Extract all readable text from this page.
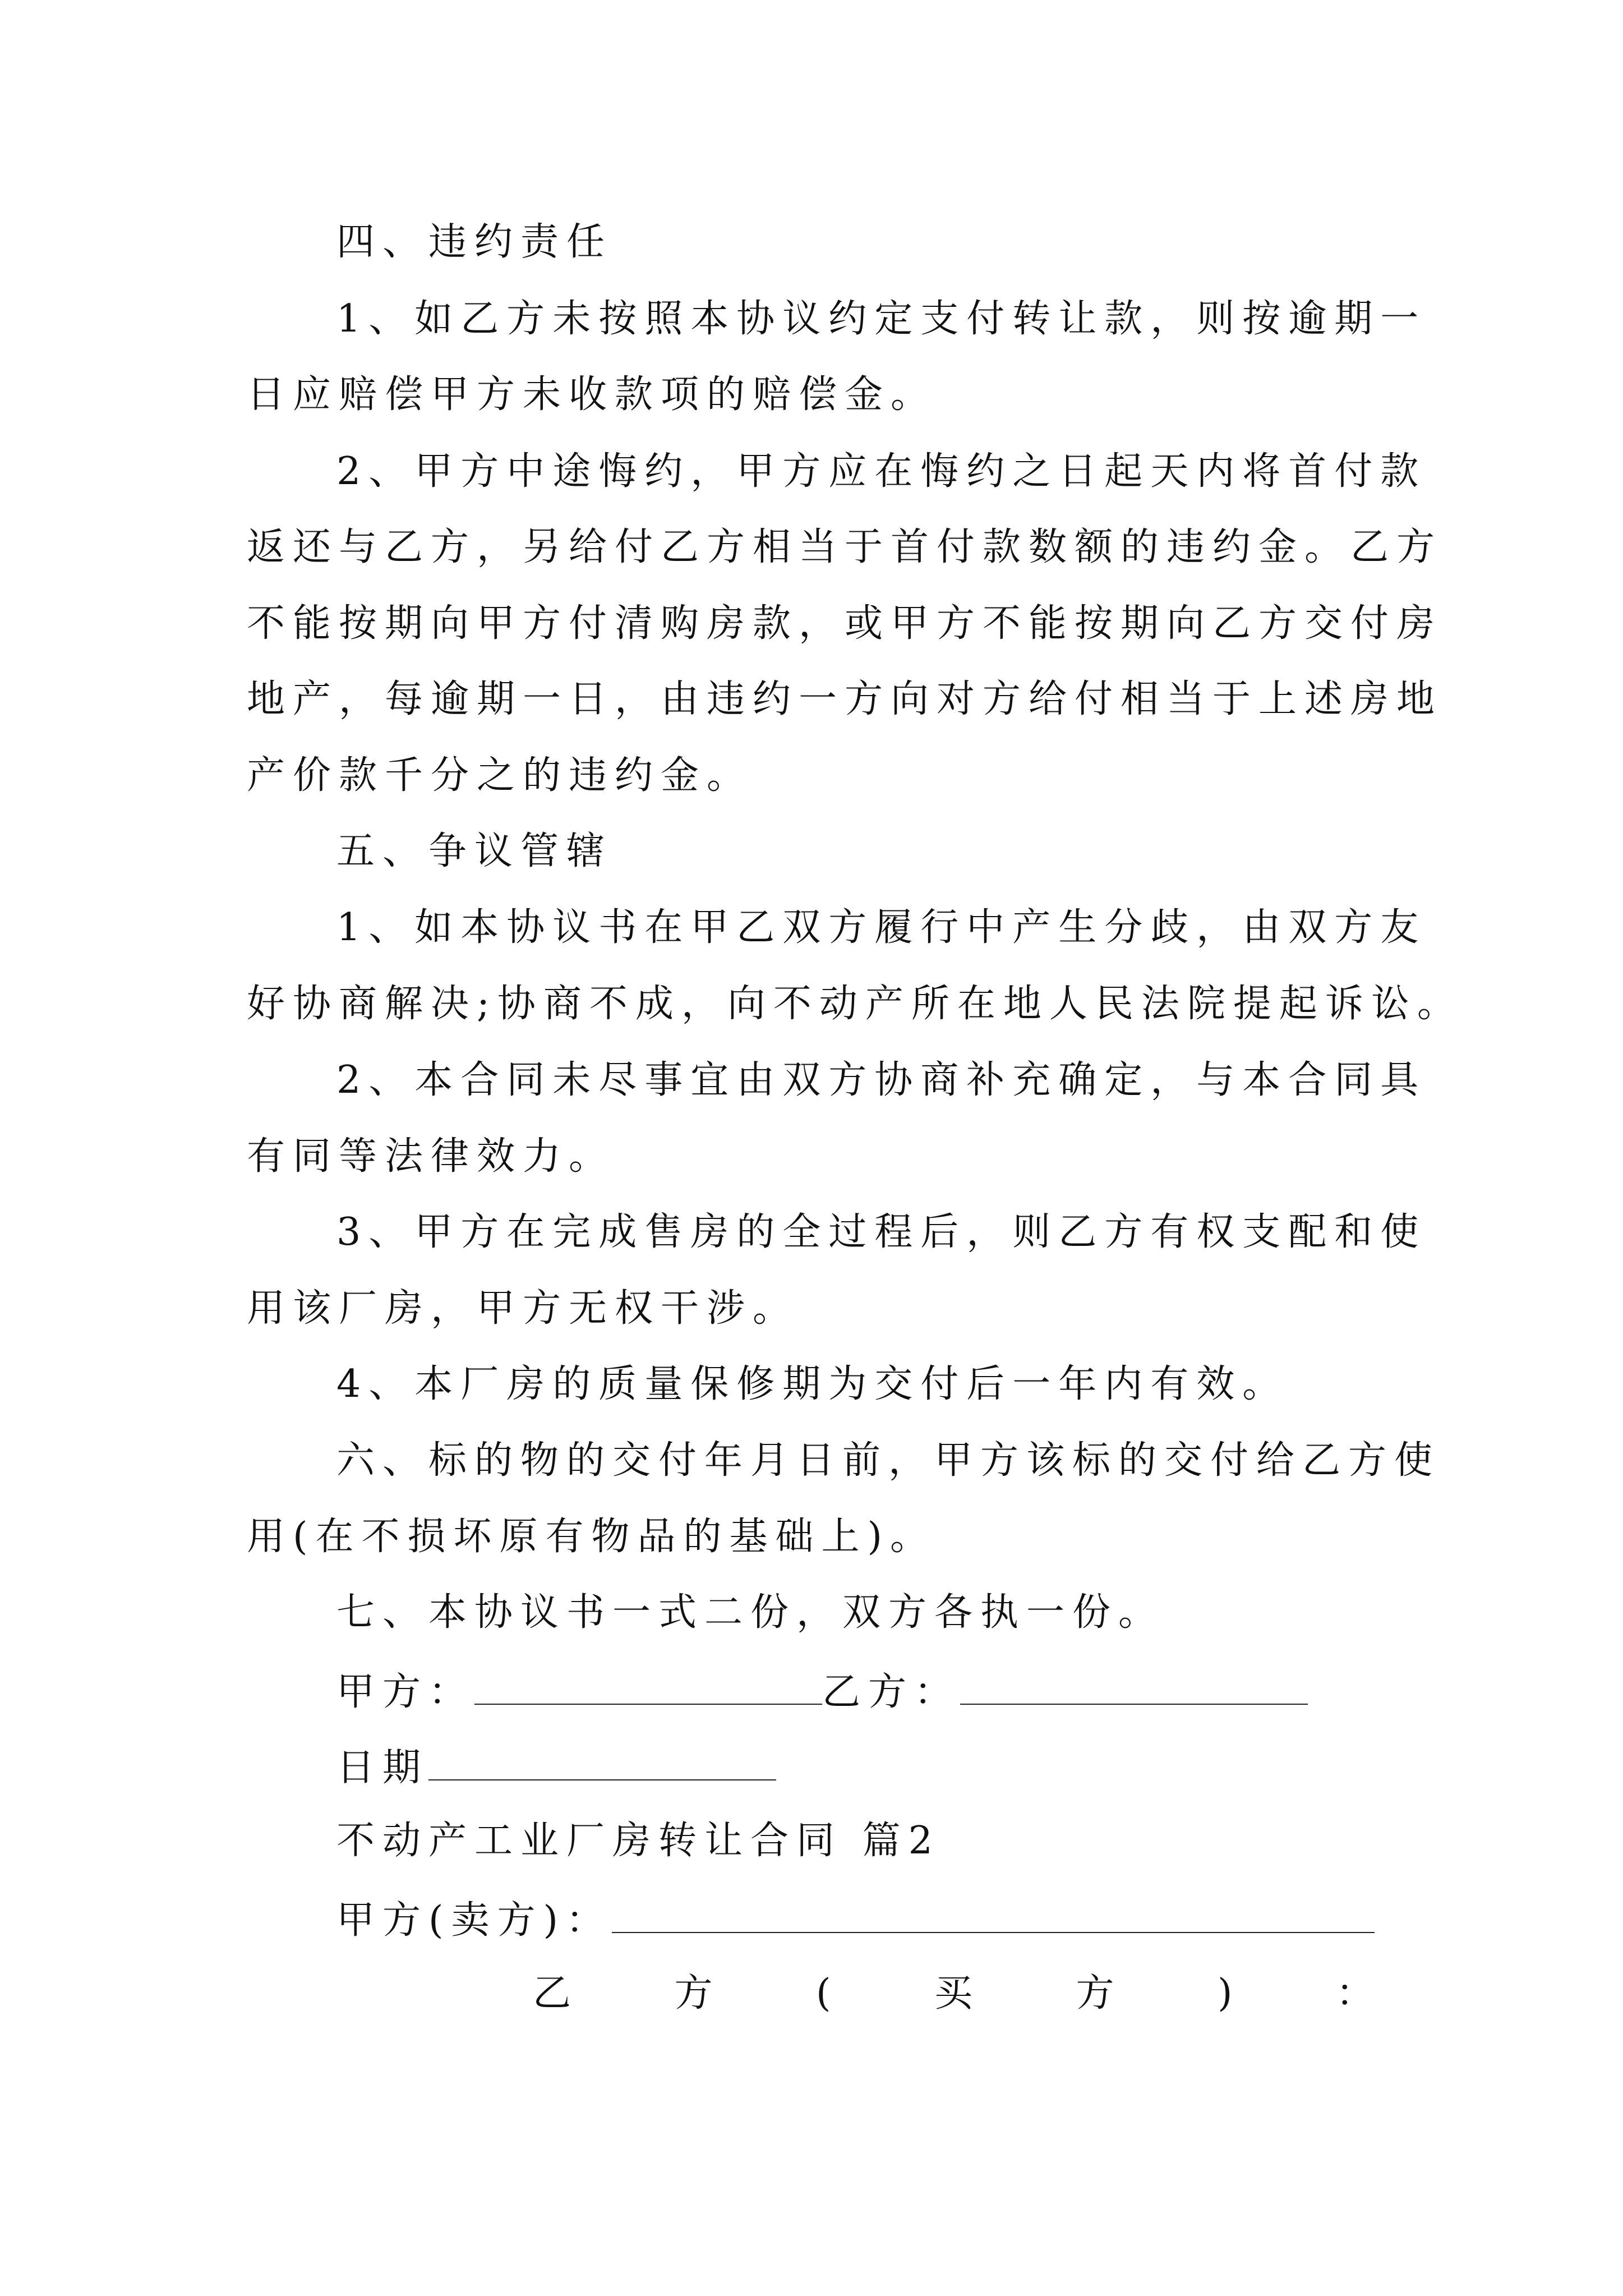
四、违约责任
1、如乙方未按照本协议约定支付转让款，则按逾期一
日应赔偿甲方未收款项的赔偿金。
2、甲方中途悔约，甲方应在悔约之日起天内将首付款
返还与乙方，另给付乙方相当于首付款数额的违约金。乙方
不能按期向甲方付清购房款，或甲方不能按期向乙方交付房
地产，每逾期一日，由违约一方向对方给付相当于上述房地
产价款千分之的违约金。
五、争议管辖
1、如本协议书在甲乙双方履行中产生分歧，由双方友
好协商解决;协商不成，向不动产所在地人民法院提起诉讼。
2、本合同未尽事宜由双方协商补充确定，与本合同具
有同等法律效力。
3、甲方在完成售房的全过程后，则乙方有权支配和使
用该厂房，甲方无权干涉。
4、本厂房的质量保修期为交付后一年内有效。
六、标的物的交付年月日前，甲方该标的交付给乙方使
用(在不损坏原有物品的基础上)。
七、本协议书一式二份，双方各执一份。
甲方：	乙方：
日期
不动产工业厂房转让合同 篇2
甲方(卖方)：
乙	方	(	买	方	)	：
